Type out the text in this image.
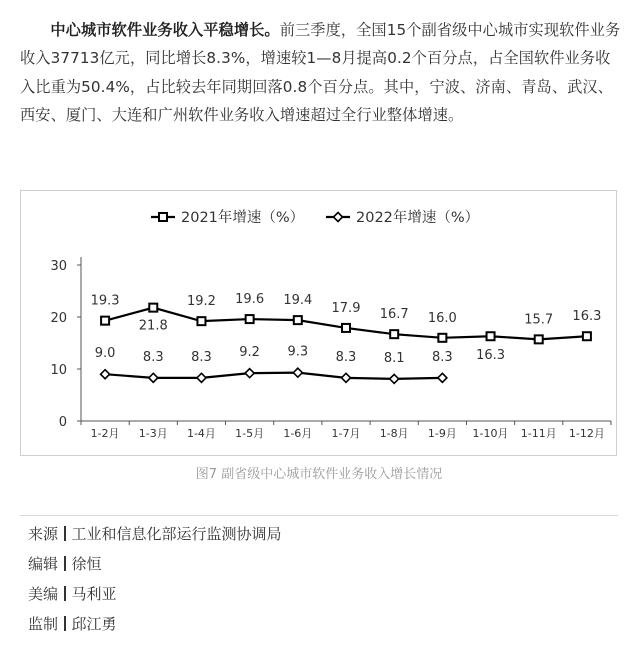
中心城市软件业务收入平稳增长。前三季度，全国15个副省级中心城市实现软件业务收入37713亿元，同比增长8.3%，增速较1—8月提高0.2个百分点，占全国软件业务收入比重为50.4%，占比较去年同期回落0.8个百分点。其中，宁波、济南、青岛、武汉、西安、厦门、大连和广州软件业务收入增速超过全行业整体增速。
0
10
20
30
1-2月 1-3月 1-4月 1-5月 1-6月 1-7月 1-8月 1-9月 1-10月 1-11月 1-12月
2021年增速（%）	2022年增速（%）
19.3
21.8
19.2 19.6 19.4
17.9 16.7 16.0
16.3
15.7 16.3
9.0 8.3 8.3 9.2 9.3 8.3 8.1 8.3
图7 副省级中心城市软件业务收入增长情况
来源 工业和信息化部运行监测协调局
编辑 徐恒
美编 马利亚
监制 邱江勇
